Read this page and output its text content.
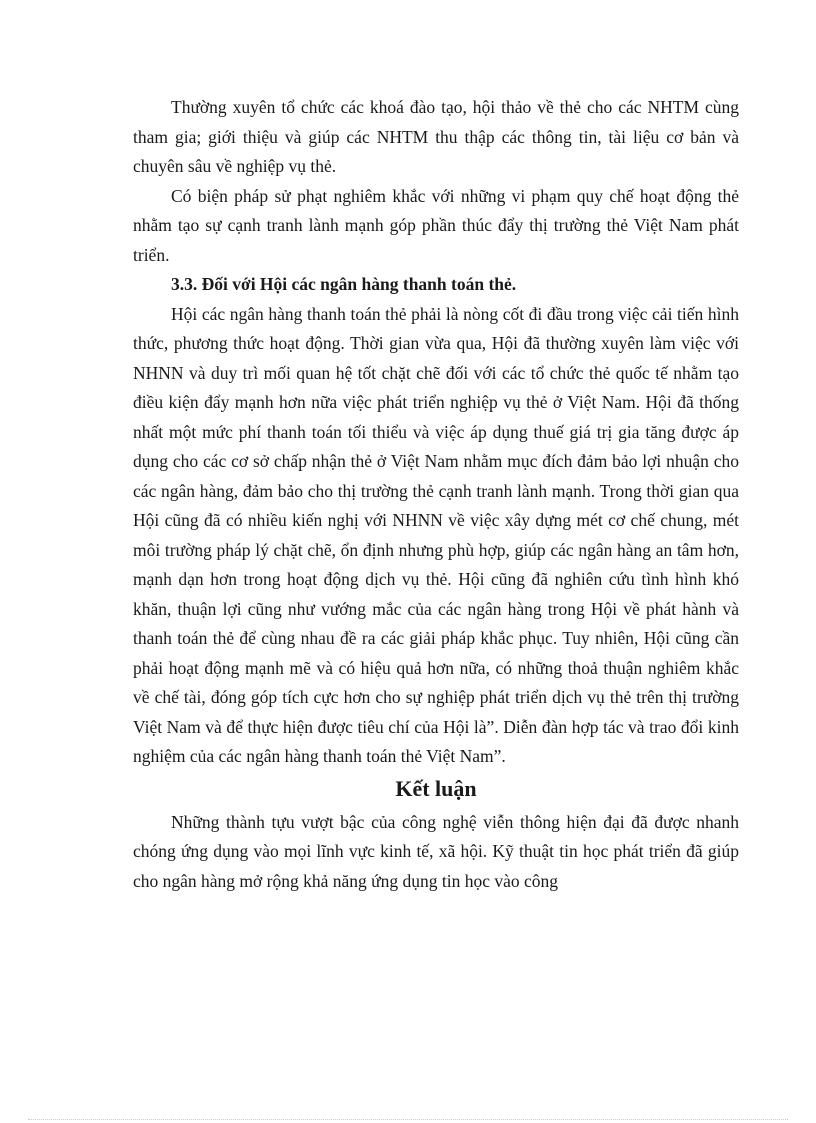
Thường xuyên tổ chức các khoá đào tạo, hội thảo về thẻ cho các NHTM cùng tham gia; giới thiệu và giúp các NHTM thu thập các thông tin, tài liệu cơ bản và chuyên sâu về nghiệp vụ thẻ.

Có biện pháp sử phạt nghiêm khắc với những vi phạm quy chế hoạt động thẻ nhằm tạo sự cạnh tranh lành mạnh góp phần thúc đẩy thị trường thẻ Việt Nam phát triển.

3.3. Đối với Hội các ngân hàng thanh toán thẻ.

Hội các ngân hàng thanh toán thẻ phải là nòng cốt đi đầu trong việc cải tiến hình thức, phương thức hoạt động. Thời gian vừa qua, Hội đã thường xuyên làm việc với NHNN và duy trì mối quan hệ tốt chặt chẽ đối với các tổ chức thẻ quốc tế nhằm tạo điều kiện đẩy mạnh hơn nữa việc phát triển nghiệp vụ thẻ ở Việt Nam. Hội đã thống nhất một mức phí thanh toán tối thiểu và việc áp dụng thuế giá trị gia tăng được áp dụng cho các cơ sở chấp nhận thẻ ở Việt Nam nhằm mục đích đảm bảo lợi nhuận cho các ngân hàng, đảm bảo cho thị trường thẻ cạnh tranh lành mạnh. Trong thời gian qua Hội cũng đã có nhiều kiến nghị với NHNN về việc xây dựng mét cơ chế chung, mét môi trường pháp lý chặt chẽ, ổn định nhưng phù hợp, giúp các ngân hàng an tâm hơn, mạnh dạn hơn trong hoạt động dịch vụ thẻ. Hội cũng đã nghiên cứu tình hình khó khăn, thuận lợi cũng như vướng mắc của các ngân hàng trong Hội về phát hành và thanh toán thẻ để cùng nhau đề ra các giải pháp khắc phục. Tuy nhiên, Hội cũng cần phải hoạt động mạnh mẽ và có hiệu quả hơn nữa, có những thoả thuận nghiêm khắc về chế tài, đóng góp tích cực hơn cho sự nghiệp phát triển dịch vụ thẻ trên thị trường Việt Nam và để thực hiện được tiêu chí của Hội là”. Diễn đàn hợp tác và trao đổi kinh nghiệm của các ngân hàng thanh toán thẻ Việt Nam”.

Kết luận

Những thành tựu vượt bậc của công nghệ viễn thông hiện đại đã được nhanh chóng ứng dụng vào mọi lĩnh vực kinh tế, xã hội. Kỹ thuật tin học phát triển đã giúp cho ngân hàng mở rộng khả năng ứng dụng tin học vào công
